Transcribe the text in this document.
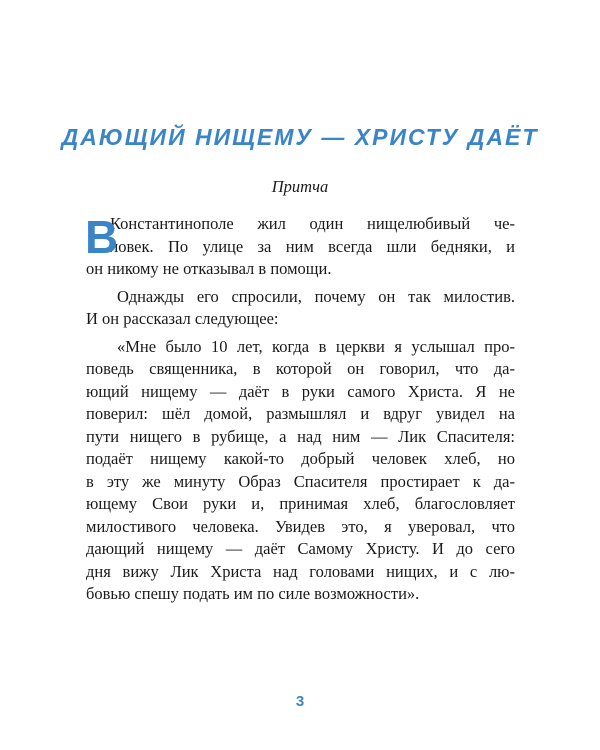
ДАЮЩИЙ НИЩЕМУ — ХРИСТУ ДАЁТ
Притча
В
Константинополе жил один нищелюбивый че-
ловек. По улице за ним всегда шли бедняки, и
он никому не отказывал в помощи.
Однажды его спросили, почему он так милостив.
И он рассказал следующее:
«Мне было 10 лет, когда в церкви я услышал про-
поведь священника, в которой он говорил, что да-
ющий нищему — даёт в руки самого Христа. Я не
поверил: шёл домой, размышлял и вдруг увидел на
пути нищего в рубище, а над ним — Лик Спасителя:
подаёт нищему какой-то добрый человек хлеб, но
в эту же минуту Образ Спасителя простирает к да-
ющему Свои руки и, принимая хлеб, благословляет
милостивого человека. Увидев это, я уверовал, что
дающий нищему — даёт Самому Христу. И до сего
дня вижу Лик Христа над головами нищих, и с лю-
бовью спешу подать им по силе возможности».
3
